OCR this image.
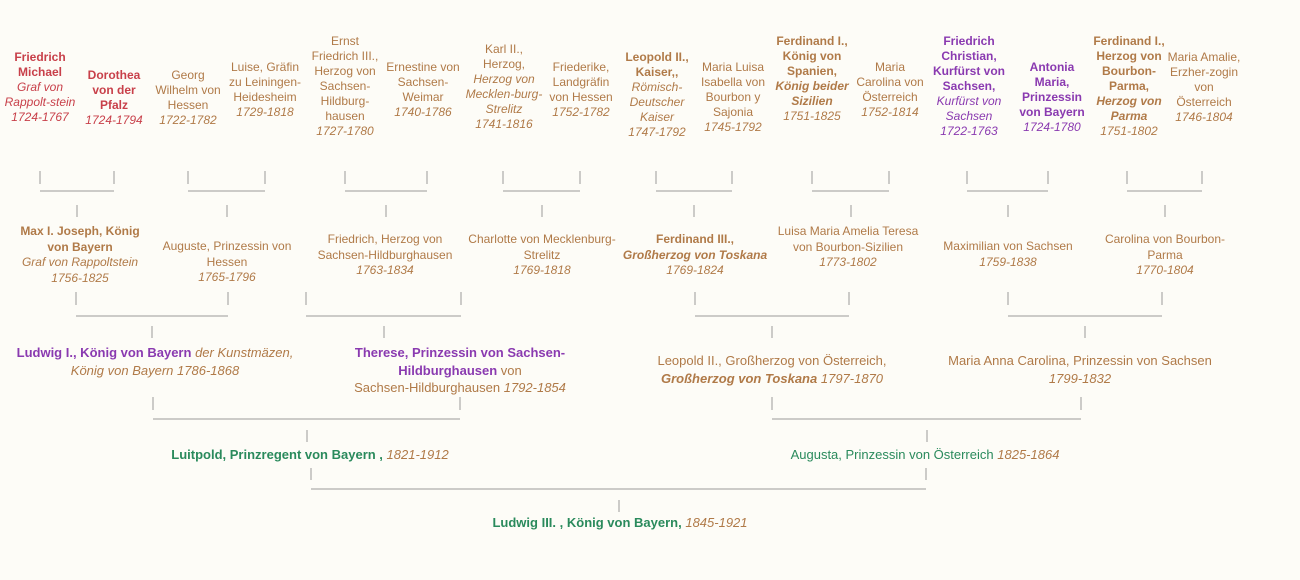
Friedrich Michael
Graf von Rappolt-stein
1724-1767
Dorothea von der Pfalz
1724-1794
Georg Wilhelm von Hessen
1722-1782
Luise, Gräfin zu Leiningen-Heidesheim
1729-1818
Ernst Friedrich III., Herzog von Sachsen-Hildburg-hausen
1727-1780
Ernestine von Sachsen-Weimar
1740-1786
Karl II., Herzog,
Herzog von Mecklen-burg-Strelitz
1741-1816
Friederike, Landgräfin von Hessen
1752-1782
Leopold II., Kaiser,,
Römisch-Deutscher Kaiser
1747-1792
Maria Luisa Isabella von Bourbon y Sajonia
1745-1792
Ferdinand I., König von Spanien,
König beider Sizilien
1751-1825
Maria Carolina von Österreich
1752-1814
Friedrich Christian, Kurfürst von Sachsen,
Kurfürst von Sachsen
1722-1763
Antonia Maria, Prinzessin von Bayern
1724-1780
Ferdinand I., Herzog von Bourbon-Parma,
Herzog von Parma
1751-1802
Maria Amalie, Erzher-zogin von Österreich
1746-1804
Max I. Joseph, König von Bayern
Graf von Rappoltstein
1756-1825
Auguste, Prinzessin von Hessen
1765-1796
Friedrich, Herzog von Sachsen-Hildburghausen
1763-1834
Charlotte von Mecklenburg-Strelitz
1769-1818
Ferdinand III.,
Großherzog von Toskana
1769-1824
Luisa Maria Amelia Teresa von Bourbon-Sizilien
1773-1802
Maximilian von Sachsen
1759-1838
Carolina von Bourbon-Parma
1770-1804
Ludwig I., König von Bayern der Kunstmäzen,
König von Bayern 1786-1868
Therese, Prinzessin von Sachsen-Hildburghausen von
Sachsen-Hildburghausen 1792-1854
Leopold II., Großherzog von Österreich,
Großherzog von Toskana 1797-1870
Maria Anna Carolina, Prinzessin von Sachsen
1799-1832
Luitpold, Prinzregent von Bayern , 1821-1912	Augusta, Prinzessin von Österreich 1825-1864
Ludwig III. , König von Bayern, 1845-1921
